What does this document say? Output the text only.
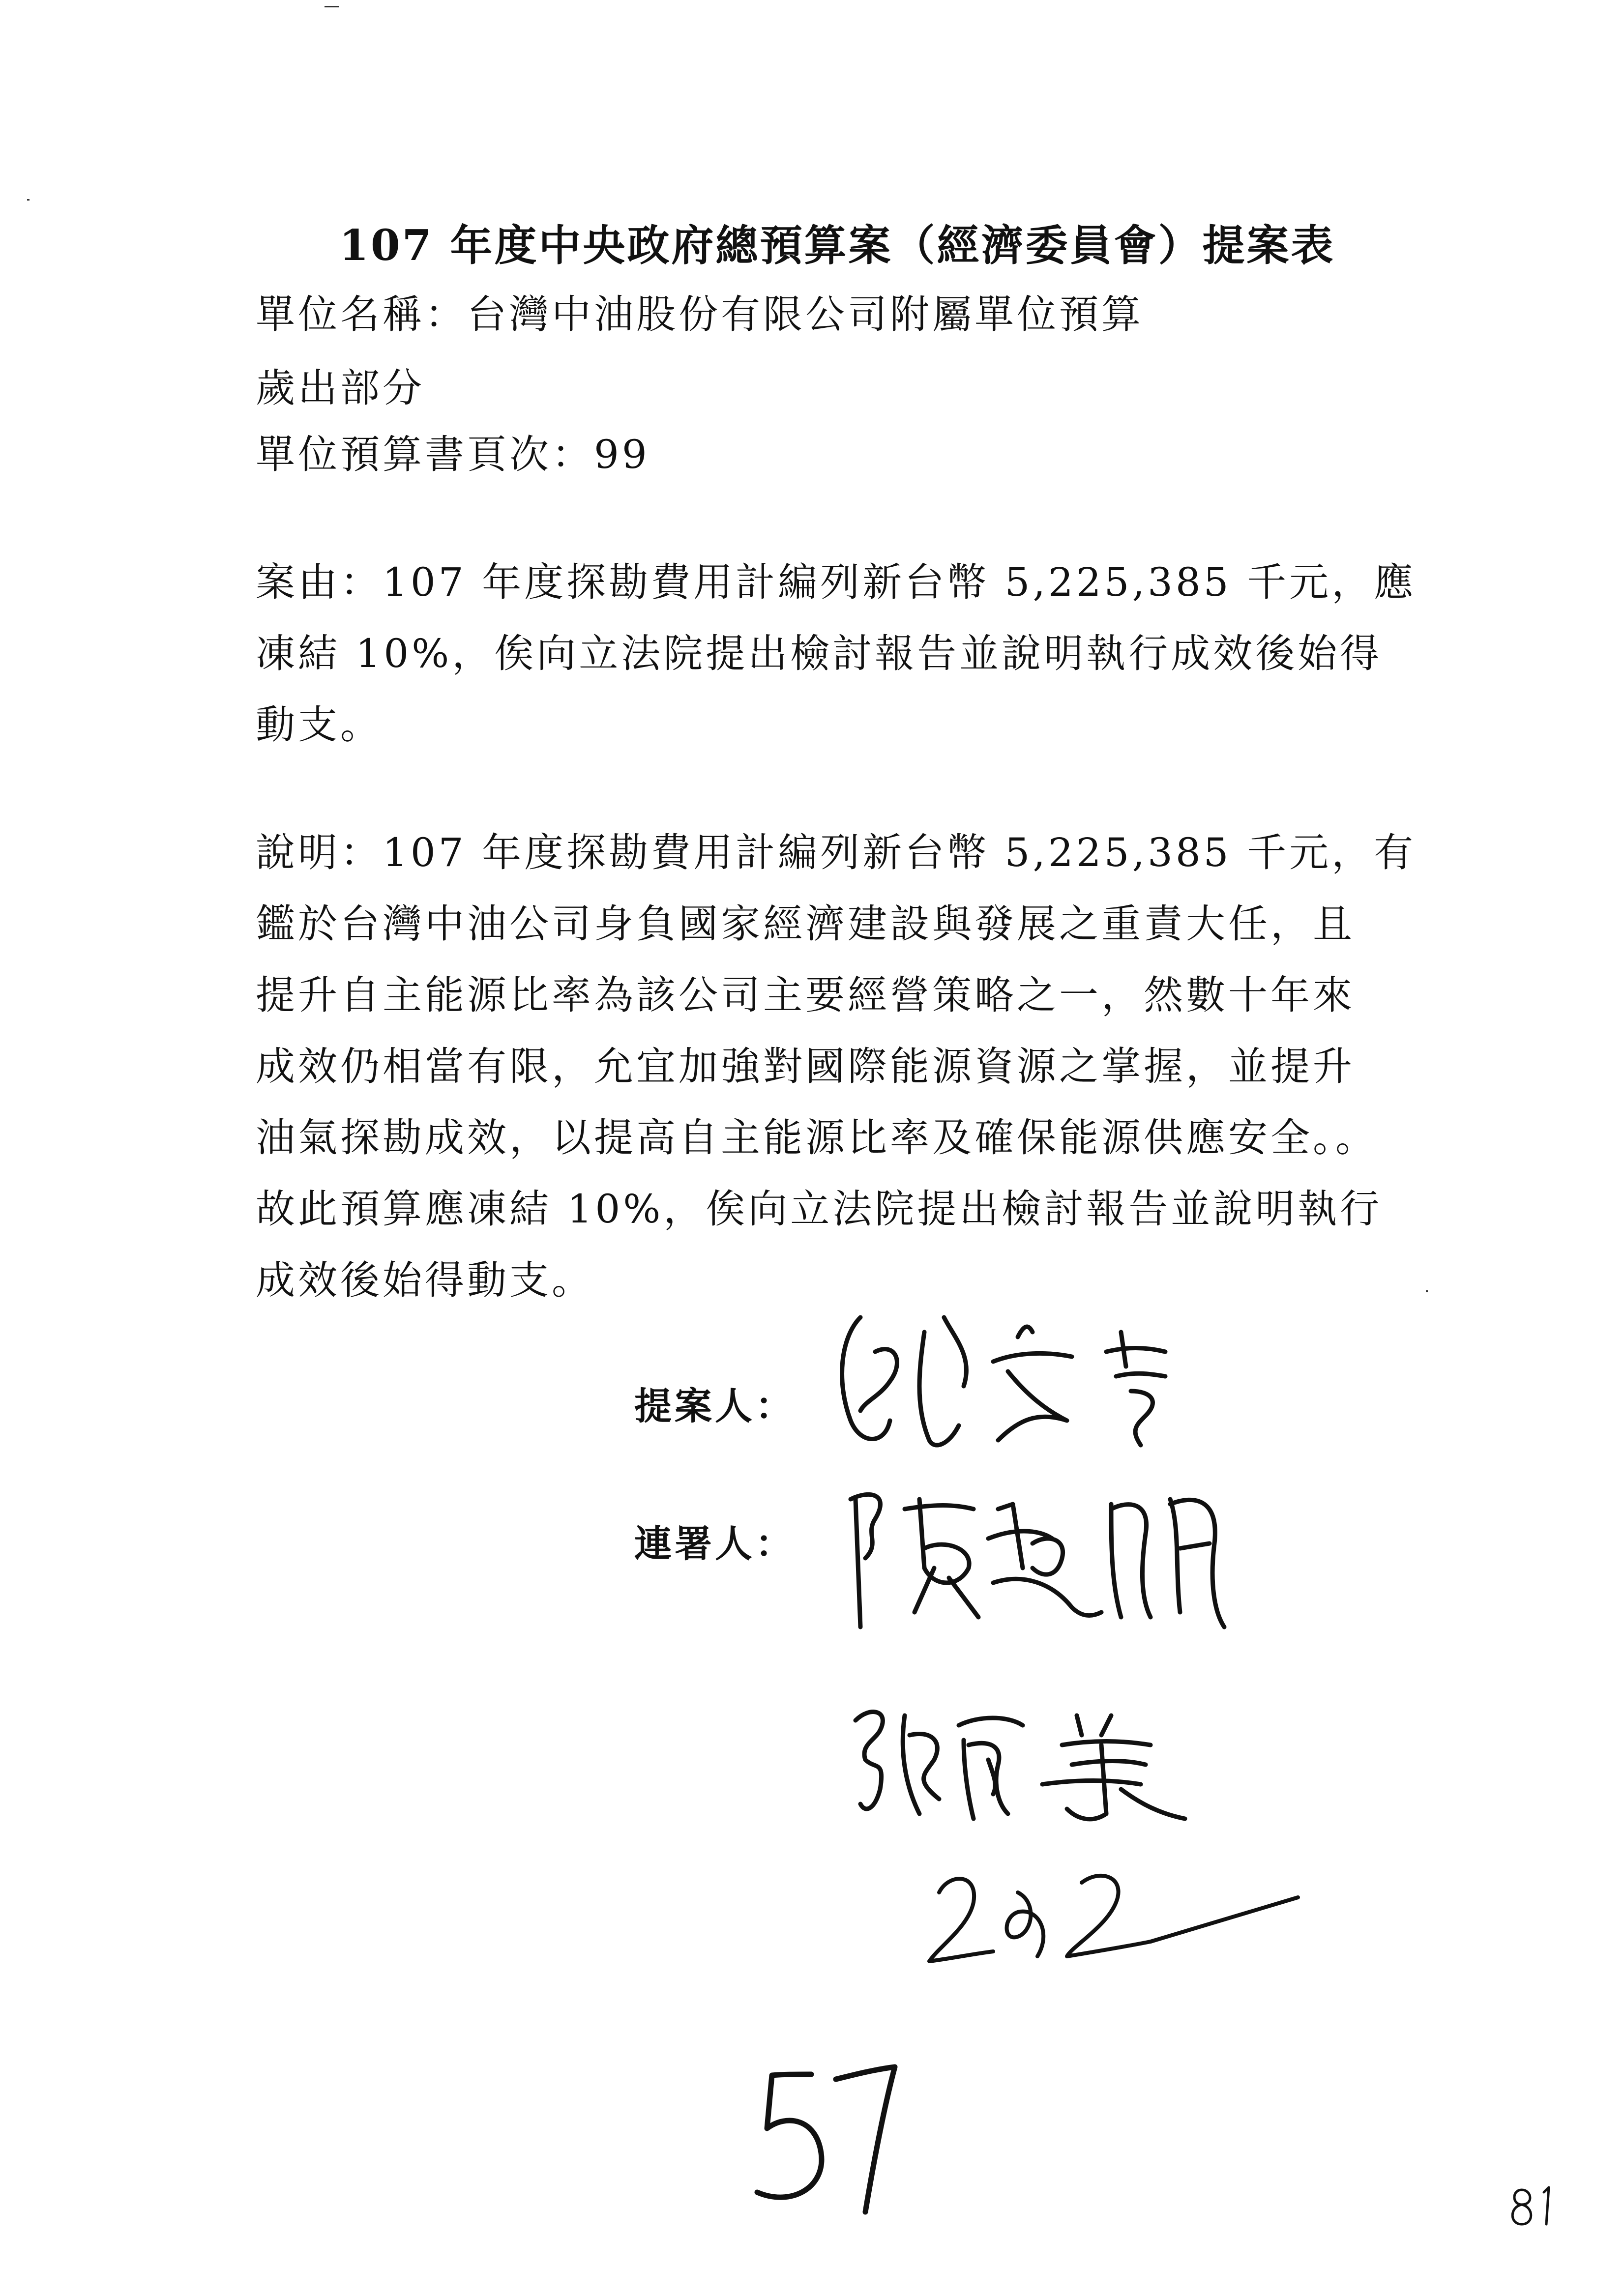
107 年度中央政府總預算案（經濟委員會）提案表
單位名稱：台灣中油股份有限公司附屬單位預算
歲出部分
單位預算書頁次：99
案由：107 年度探勘費用計編列新台幣 5,225,385 千元，應
凍結 10%，俟向立法院提出檢討報告並說明執行成效後始得
動支。
說明：107 年度探勘費用計編列新台幣 5,225,385 千元，有
鑑於台灣中油公司身負國家經濟建設與發展之重責大任，且
提升自主能源比率為該公司主要經營策略之一，然數十年來
成效仍相當有限，允宜加強對國際能源資源之掌握，並提升
油氣探勘成效，以提高自主能源比率及確保能源供應安全。。
故此預算應凍結 10%，俟向立法院提出檢討報告並說明執行
成效後始得動支。
提案人：
連署人：
